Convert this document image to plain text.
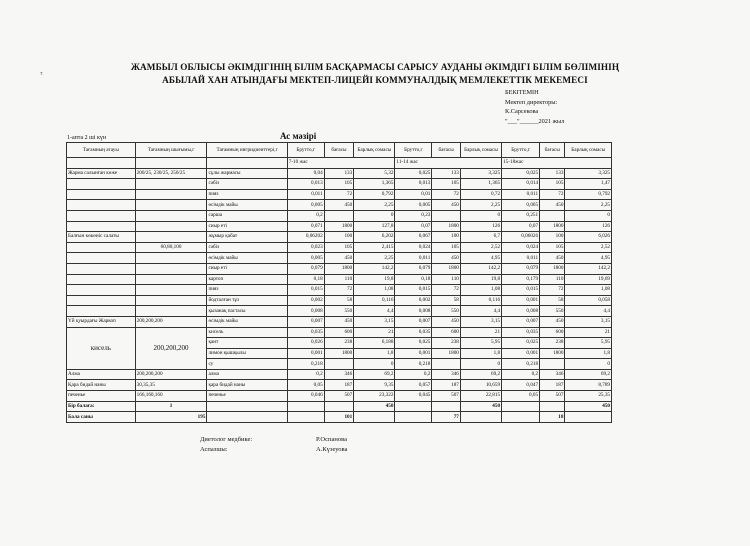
ᵀ
ЖАМБЫЛ ОБЛЫСЫ ӘКІМДІГІНІҢ БІЛІМ БАСҚАРМАСЫ САРЫСУ АУДАНЫ ӘКІМДІГІ БІЛІМ БӨЛІМІНІҢ
АБЫЛАЙ ХАН АТЫНДАҒЫ МЕКТЕП-ЛИЦЕЙІ КОММУНАЛДЫҚ МЕМЛЕКЕТТІК МЕКЕМЕСІ
БЕКІТЕМІН
Мектеп директоры:
К.Сарсекова
"___"______2021 жыл
1-апта 2 ші күн	Ас мәзірі
Тағамның атауы	Тағамның шығымы,г	Тағамның ингридиенттері,г	Брутто,г	бағасы	Барлық сомасы	Брутто,г	бағасы	Барлық сомасы	Брутто,г	бағасы	Барлық сомасы
			7-10 жас			11-14 жас			15-18жас		
Жарма салынған көже	200/25, 230/25, 250/25	сұлы жармасы	0,04	133	5,32	0,025	133	3,325	0,025	133	3,325
		сәбіз	0,013	105	1,365	0,013	105	1,365	0,014	105	1,47
		пияз	0,011	72	0,792	0,01	72	0,72	0,011	72	0,792
		өсімдік майы	0,005	450	2,25	0,005	450	2,25	0,005	450	2,25
		сарша	0,2		0	0,23		0	0,251		0
		сиыр еті	0,071	1800	127,8	0,07	1800	126	0,07	1800	126
Балғын көкөніс салаты		жұмыр қабат	0,06202	100	6,202	0,067	100	6,7	0,06026	100	6,026
	60,80,100	сәбіз	0,023	105	2,415	0,024	105	2,52	0,024	105	2,52
		өсімдік майы	0,005	450	2,25	0,011	450	4,95	0,011	450	4,95
		сиыр еті	0,079	1800	142,2	0,079	1800	142,2	0,079	1800	142,2
		картоп	0,18	110	19,8	0,18	110	19,8	0,179	110	19,69
		пияз	0,015	72	1,08	0,015	72	1,08	0,015	72	1,08
		йодталған тұз	0,002	58	0,116	0,002	58	0,116	0,001	58	0,058
		қызанақ пастасы	0,008	550	4,4	0,008	550	4,4	0,008	550	4,4
Үй қуырдағы Жаркоп	200,200,200	өсімдік майы	0,007	450	3,15	0,007	450	3,15	0,007	450	3,15
кисель	200,200,200	кисель	0,035	600	21	0,035	600	21	0,035	600	21
		қант	0,026	238	6,188	0,025	238	5,95	0,025	238	5,95
		лимон қышқылы	0,001	1800	1,8	0,001	1800	1,8	0,001	1800	1,8
		су	0,218		0	0,218		0	0,218		0
Алма	200,200,200	алма	0,2	346	69,2	0,2	346	69,2	0,2	346	69,2
Қара бидай наны	30,35,35	қара бидай наны	0,05	187	9,35	0,057	187	10,659	0,047	187	8,789
печенье	166,160,160	печенье	0,046	507	23,322	0,045	507	22,815	0,05	507	25,35
Бір балаға:	1				450			450			450
Бала саны	195			101			77			18	
Диетолог медбике:	Р.Оспанова
Аспазшы:	А.Күзеуова
